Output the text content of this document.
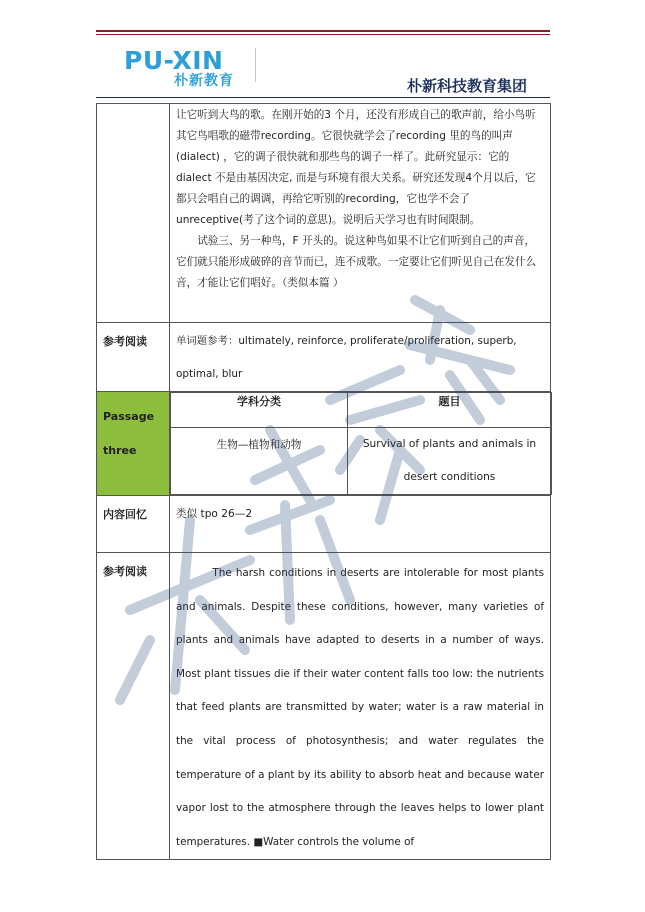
PU-XIN
朴新教育	朴新科技教育集团

让它听到大鸟的歌。在刚开始的3 个月，还没有形成自己的歌声前，给小鸟听其它鸟唱歌的磁带recording。它很快就学会了recording 里的鸟的叫声(dialect) ，它的调子很快就和那些鸟的调子一样了。此研究显示：它的dialect 不是由基因决定, 而是与环境有很大关系。研究还发现4个月以后，它都只会唱自己的调调，再给它听别的recording，它也学不会了unreceptive(考了这个词的意思)。说明后天学习也有时间限制。
试验三、另一种鸟，F 开头的。说这种鸟如果不让它们听到自己的声音，它们就只能形成破碎的音节而已，连不成歌。一定要让它们听见自己在发什么音，才能让它们唱好。（类似本篇 ）

参考阅读	单词题参考：ultimately, reinforce, proliferate/proliferation, superb, optimal, blur

Passage
three

学科分类	题目
生物—植物和动物	Survival of plants and animals in desert conditions

内容回忆	类似 tpo 26—2
参考阅读	The harsh conditions in deserts are intolerable for most plants and animals. Despite these conditions, however, many varieties of plants and animals have adapted to deserts in a number of ways. Most plant tissues die if their water content falls too low: the nutrients that feed plants are transmitted by water; water is a raw material in the vital process of photosynthesis; and water regulates the temperature of a plant by its ability to absorb heat and because water vapor lost to the atmosphere through the leaves helps to lower plant temperatures. ■Water controls the volume of
